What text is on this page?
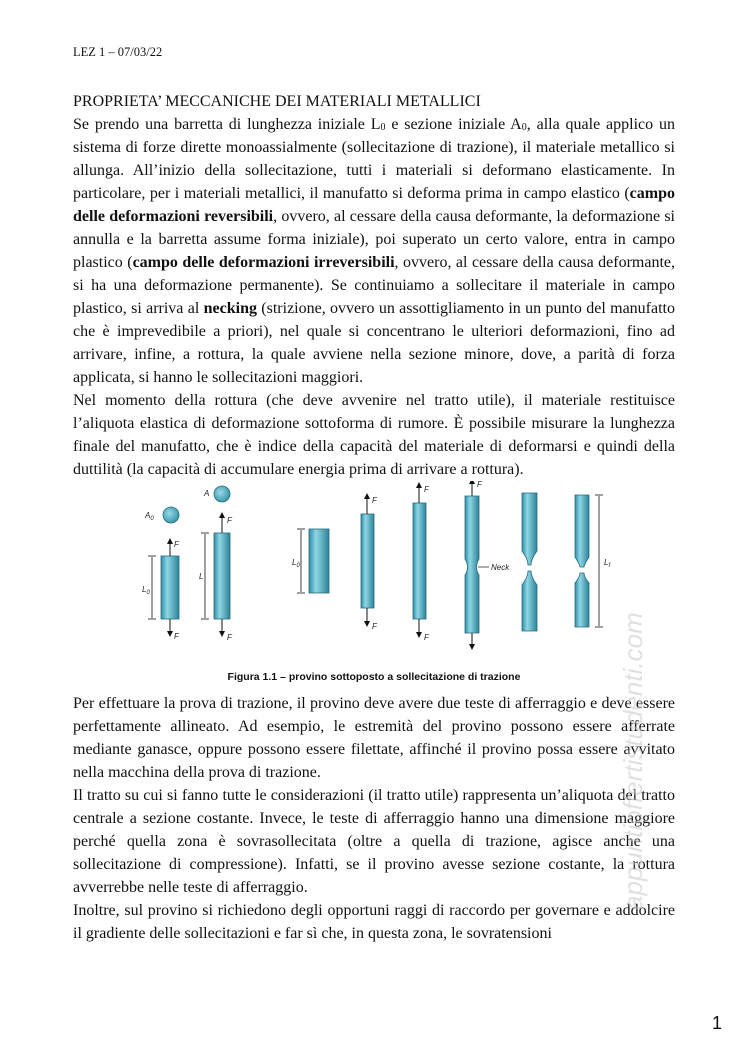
LEZ 1 – 07/03/22
PROPRIETA’ MECCANICHE DEI MATERIALI METALLICI

Se prendo una barretta di lunghezza iniziale $L_0$ e sezione iniziale $A_0$, alla quale applico un sistema di forze dirette monoassialmente (sollecitazione di trazione), il materiale metallico si allunga. All’inizio della sollecitazione, tutti i materiali si deformano elasticamente. In particolare, per i materiali metallici, il manufatto si deforma prima in campo elastico (campo delle deformazioni reversibili, ovvero, al cessare della causa deformante, la deformazione si annulla e la barretta assume forma iniziale), poi superato un certo valore, entra in campo plastico (campo delle deformazioni irreversibili, ovvero, al cessare della causa deformante, si ha una deformazione permanente). Se continuiamo a sollecitare il materiale in campo plastico, si arriva al necking (strizione, ovvero un assottigliamento in un punto del manufatto che è imprevedibile a priori), nel quale si concentrano le ulteriori deformazioni, fino ad arrivare, infine, a rottura, la quale avviene nella sezione minore, dove, a parità di forza applicata, si hanno le sollecitazioni maggiori.

Nel momento della rottura (che deve avvenire nel tratto utile), il materiale restituisce l’aliquota elastica di deformazione sottoforma di rumore. È possibile misurare la lunghezza finale del manufatto, che è indice della capacità del materiale di deformarsi e quindi della duttilità (la capacità di accumulare energia prima di arrivare a rottura).

$A_0$
F
F
$L_0$
A
F
F
L
$L_0$
F
F
F
F
F
Neck
$L_f$
Figura 1.1 – provino sottoposto a sollecitazione di trazione

Per effettuare la prova di trazione, il provino deve avere due teste di afferraggio e deve essere perfettamente allineato. Ad esempio, le estremità del provino possono essere afferrate mediante ganasce, oppure possono essere filettate, affinché il provino possa essere avvitato nella macchina della prova di trazione.

Il tratto su cui si fanno tutte le considerazioni (il tratto utile) rappresenta un’aliquota del tratto centrale a sezione costante. Invece, le teste di afferraggio hanno una dimensione maggiore perché quella zona è sovrasollecitata (oltre a quella di trazione, agisce anche una sollecitazione di compressione). Infatti, se il provino avesse sezione costante, la rottura avverrebbe nelle teste di afferraggio.

Inoltre, sul provino si richiedono degli opportuni raggi di raccordo per governare e addolcire il gradiente delle sollecitazioni e far sì che, in questa zona, le sovratensioni

appuntioffertistudenti.com
1
